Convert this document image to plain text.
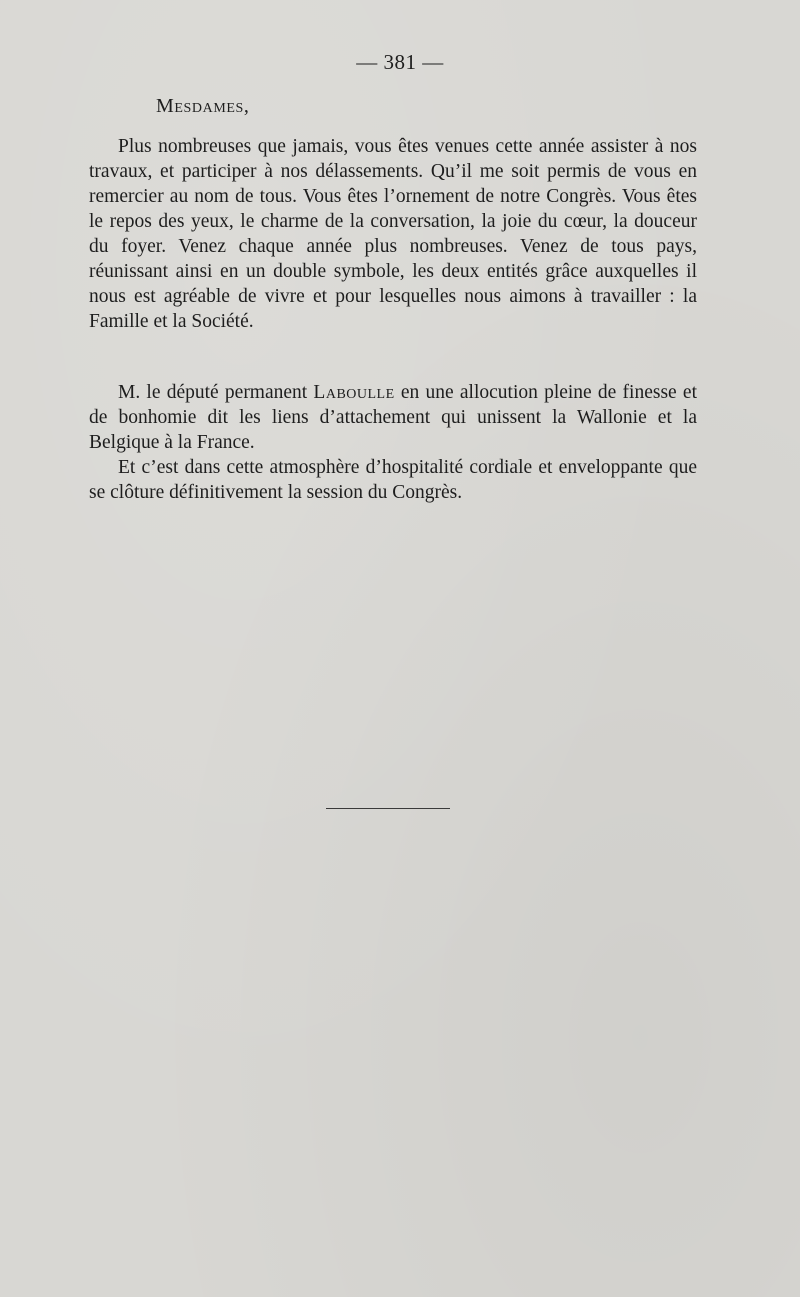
— 381 —
Mesdames,

Plus nombreuses que jamais, vous êtes venues cette année assister à nos travaux, et participer à nos délassements. Qu’il me soit permis de vous en remercier au nom de tous. Vous êtes l’ornement de notre Congrès. Vous êtes le repos des yeux, le charme de la conversation, la joie du cœur, la douceur du foyer. Venez chaque année plus nombreuses. Venez de tous pays, réunissant ainsi en un double symbole, les deux entités grâce auxquelles il nous est agréable de vivre et pour lesquelles nous aimons à travailler : la Famille et la Société.

M. le député permanent Laboulle en une allocution pleine de finesse et de bonhomie dit les liens d’attachement qui unissent la Wallonie et la Belgique à la France.

Et c’est dans cette atmosphère d’hospitalité cordiale et enveloppante que se clôture définitivement la session du Congrès.
